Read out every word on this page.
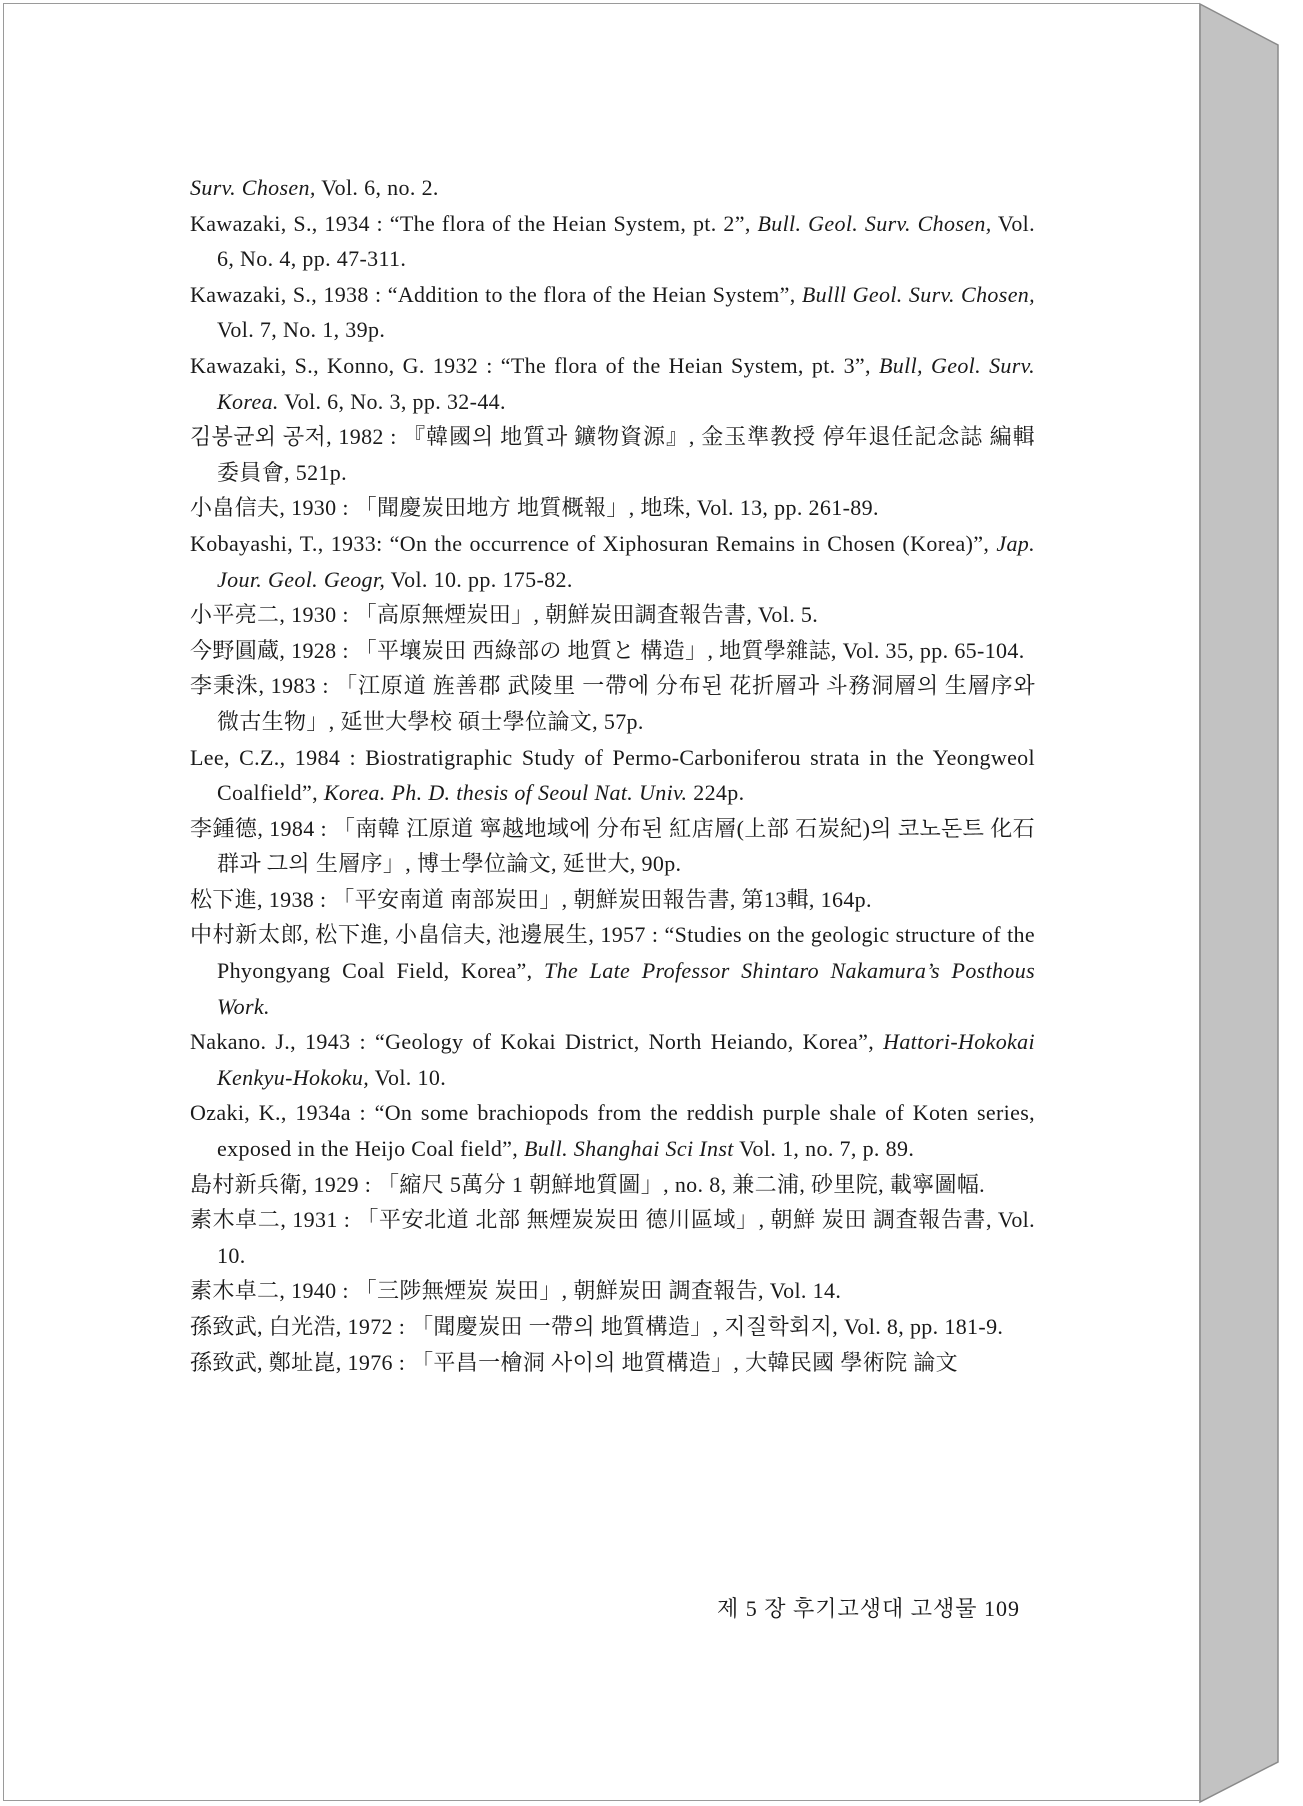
Surv. Chosen, Vol. 6, no. 2.

Kawazaki, S., 1934 : “The flora of the Heian System, pt. 2”, Bull. Geol. Surv. Chosen, Vol. 6, No. 4, pp. 47-311.

Kawazaki, S., 1938 : “Addition to the flora of the Heian System”, Bulll Geol. Surv. Chosen, Vol. 7, No. 1, 39p.

Kawazaki, S., Konno, G. 1932 : “The flora of the Heian System, pt. 3”, Bull, Geol. Surv. Korea. Vol. 6, No. 3, pp. 32-44.

김봉균외 공저, 1982 : 『韓國의 地質과 鑛物資源』, 金玉準教授 停年退任記念誌 編輯委員會, 521p.

小畠信夫, 1930 : 「聞慶炭田地方 地質概報」, 地珠, Vol. 13, pp. 261-89.

Kobayashi, T., 1933: “On the occurrence of Xiphosuran Remains in Chosen (Korea)”, Jap. Jour. Geol. Geogr, Vol. 10. pp. 175-82.

小平亮二, 1930 : 「高原無煙炭田」, 朝鮮炭田調査報告書, Vol. 5.

今野圓蔵, 1928 : 「平壤炭田 西綠部の 地質と 構造」, 地質學雜誌, Vol. 35, pp. 65-104.

李秉洙, 1983 : 「江原道 旌善郡 武陵里 一帶에 分布된 花折層과 斗務洞層의 生層序와 微古生物」, 延世大學校 碩士學位論文, 57p.

Lee, C.Z., 1984 : Biostratigraphic Study of Permo-Carboniferou strata in the Yeongweol Coalfield”, Korea. Ph. D. thesis of Seoul Nat. Univ. 224p.

李鍾德, 1984 : 「南韓 江原道 寧越地域에 分布된 紅店層(上部 石炭紀)의 코노돈트 化石群과 그의 生層序」, 博士學位論文, 延世大, 90p.

松下進, 1938 : 「平安南道 南部炭田」, 朝鮮炭田報告書, 第13輯, 164p.

中村新太郎, 松下進, 小畠信夫, 池邊展生, 1957 : “Studies on the geologic structure of the Phyongyang Coal Field, Korea”, The Late Professor Shintaro Nakamura’s Posthous Work.

Nakano. J., 1943 : “Geology of Kokai District, North Heiando, Korea”, Hattori-Hokokai Kenkyu-Hokoku, Vol. 10.

Ozaki, K., 1934a : “On some brachiopods from the reddish purple shale of Koten series, exposed in the Heijo Coal field”, Bull. Shanghai Sci Inst Vol. 1, no. 7, p. 89.

島村新兵衛, 1929 : 「縮尺 5萬分 1 朝鮮地質圖」, no. 8, 兼二浦, 砂里院, 載寧圖幅.

素木卓二, 1931 : 「平安北道 北部 無煙炭炭田 德川區域」, 朝鮮 炭田 調査報告書, Vol. 10.

素木卓二, 1940 : 「三陟無煙炭 炭田」, 朝鮮炭田 調査報告, Vol. 14.

孫致武, 白光浩, 1972 : 「聞慶炭田 一帶의 地質構造」, 지질학회지, Vol. 8, pp. 181-9.

孫致武, 鄭址崑, 1976 : 「平昌一檜洞 사이의 地質構造」, 大韓民國 學術院 論文

제 5 장 후기고생대 고생물 109
